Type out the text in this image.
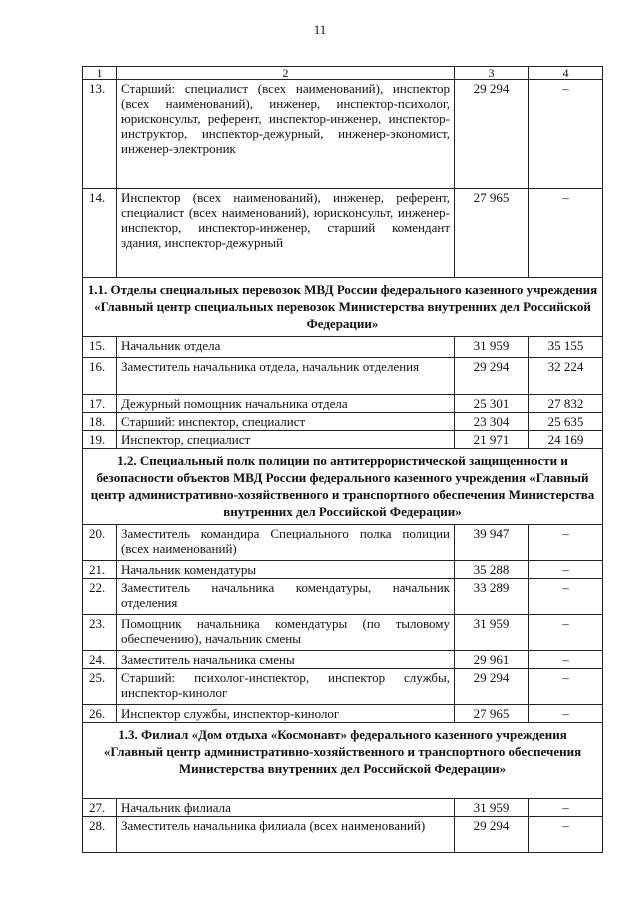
11
1	2	3	4
13.	Старший: специалист (всех наименований), инспектор (всех наименований), инженер, инспектор-психолог, юрисконсульт, референт, инспектор-инженер, инспектор-инструктор, инспектор-дежурный, инженер-экономист, инженер-электроник	29 294	–
14.	Инспектор (всех наименований), инженер, референт, специалист (всех наименований), юрисконсульт, инженер-инспектор, инспектор-инженер, старший комендант здания, инспектор-дежурный	27 965	–
1.1. Отделы специальных перевозок МВД России федерального казенного учреждения «Главный центр специальных перевозок Министерства внутренних дел Российской Федерации»			
15.	Начальник отдела	31 959	35 155
16.	Заместитель начальника отдела, начальник отделения	29 294	32 224
17.	Дежурный помощник начальника отдела	25 301	27 832
18.	Старший: инспектор, специалист	23 304	25 635
19.	Инспектор, специалист	21 971	24 169
1.2. Специальный полк полиции по антитеррористической защищенности и безопасности объектов МВД России федерального казенного учреждения «Главный центр административно-хозяйственного и транспортного обеспечения Министерства внутренних дел Российской Федерации»			
20.	Заместитель командира Специального полка полиции (всех наименований)	39 947	–
21.	Начальник комендатуры	35 288	–
22.	Заместитель начальника комендатуры, начальник отделения	33 289	–
23.	Помощник начальника комендатуры (по тыловому обеспечению), начальник смены	31 959	–
24.	Заместитель начальника смены	29 961	–
25.	Старший: психолог-инспектор, инспектор службы, инспектор-кинолог	29 294	–
26.	Инспектор службы, инспектор-кинолог	27 965	–
1.3. Филиал «Дом отдыха «Космонавт» федерального казенного учреждения «Главный центр административно-хозяйственного и транспортного обеспечения Министерства внутренних дел Российской Федерации»			
27.	Начальник филиала	31 959	–
28.	Заместитель начальника филиала (всех наименований)	29 294	–
